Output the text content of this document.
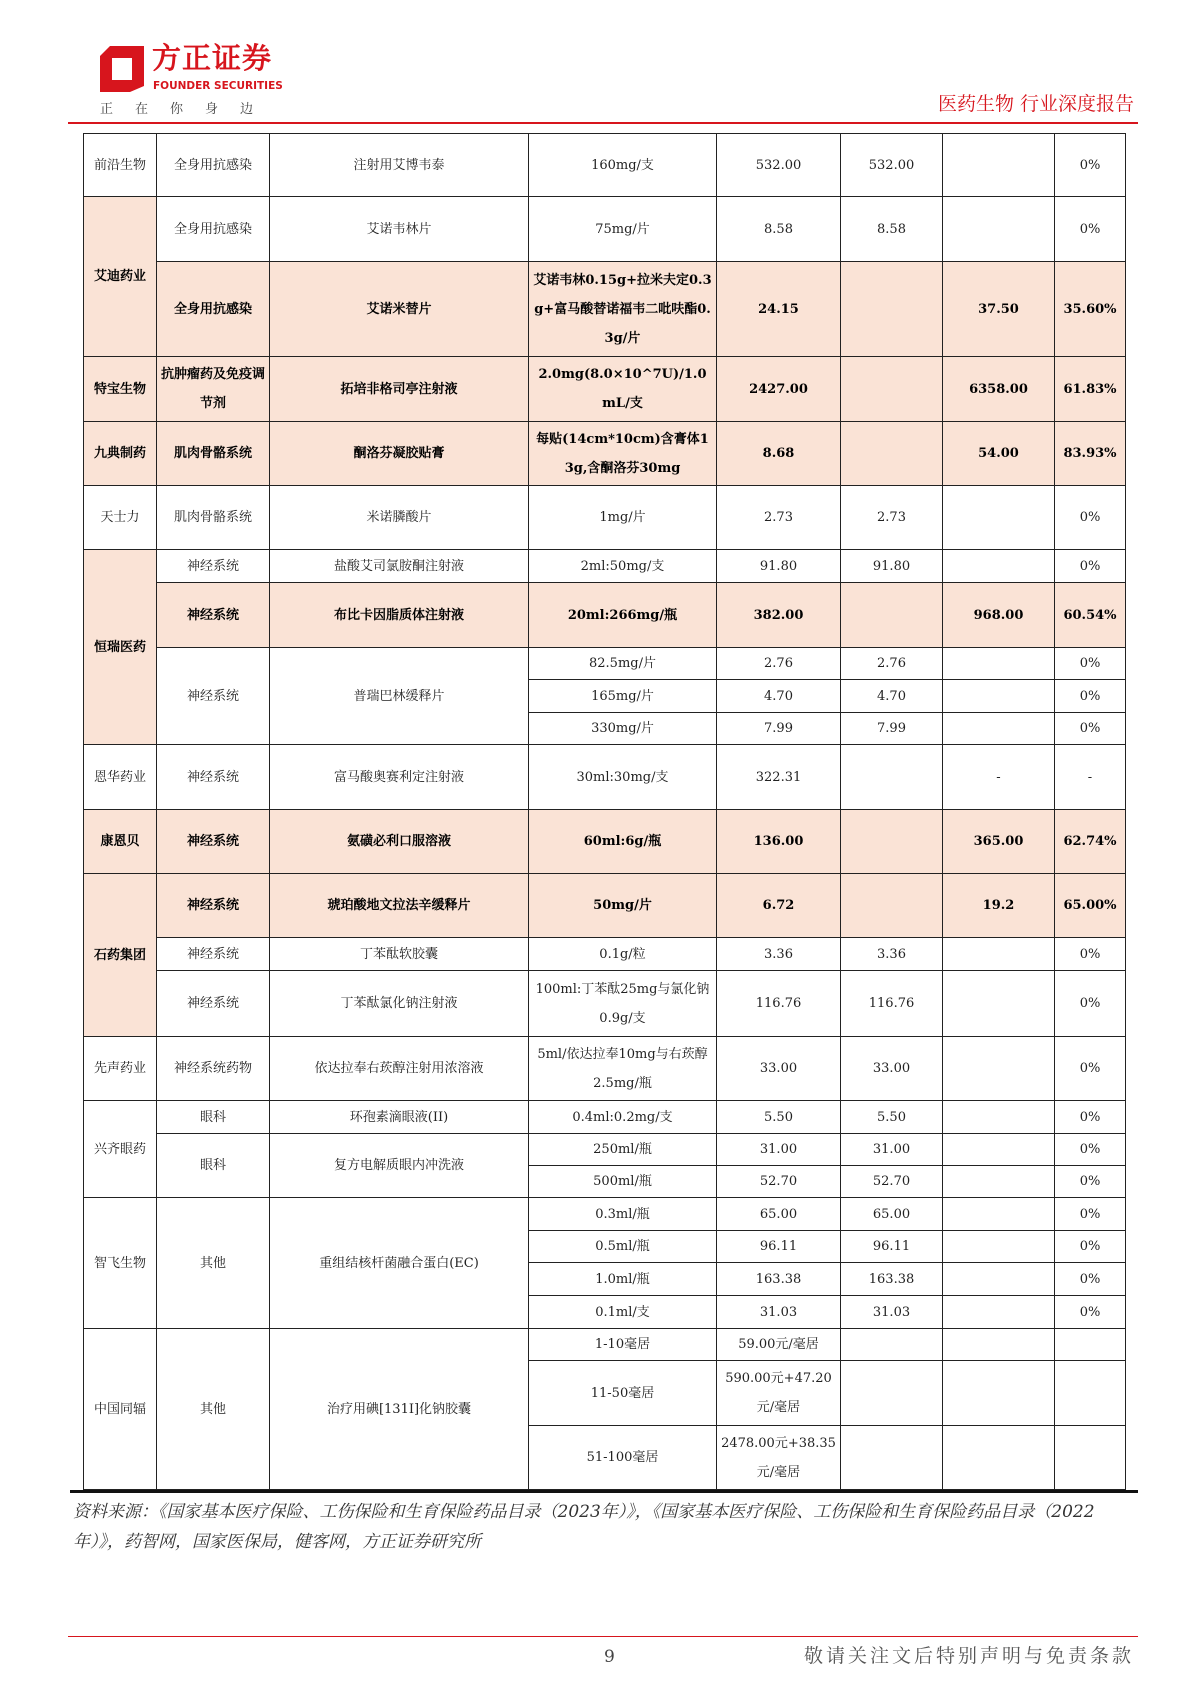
方正证券
FOUNDER SECURITIES
正在你身边	医药生物 行业深度报告
前沿生物	全身用抗感染	注射用艾博韦泰	160mg/支	532.00	532.00		0%
艾迪药业	全身用抗感染	艾诺韦林片	75mg/片	8.58	8.58		0%
	全身用抗感染	艾诺米替片	艾诺韦林0.15g+拉米夫定0.3g+富马酸替诺福韦二吡呋酯0.3g/片	24.15		37.50	35.60%
特宝生物	抗肿瘤药及免疫调节剂	拓培非格司亭注射液	2.0mg(8.0×10^7U)/1.0mL/支	2427.00		6358.00	61.83%
九典制药	肌肉骨骼系统	酮洛芬凝胶贴膏	每贴(14cm*10cm)含膏体13g,含酮洛芬30mg	8.68		54.00	83.93%
天士力	肌肉骨骼系统	米诺膦酸片	1mg/片	2.73	2.73		0%
恒瑞医药	神经系统	盐酸艾司氯胺酮注射液	2ml:50mg/支	91.80	91.80		0%
	神经系统	布比卡因脂质体注射液	20ml:266mg/瓶	382.00		968.00	60.54%
	神经系统	普瑞巴林缓释片	82.5mg/片	2.76	2.76		0%
			165mg/片	4.70	4.70		0%
			330mg/片	7.99	7.99		0%
恩华药业	神经系统	富马酸奥赛利定注射液	30ml:30mg/支	322.31		-	-
康恩贝	神经系统	氨磺必利口服溶液	60ml:6g/瓶	136.00		365.00	62.74%
石药集团	神经系统	琥珀酸地文拉法辛缓释片	50mg/片	6.72		19.2	65.00%
	神经系统	丁苯酞软胶囊	0.1g/粒	3.36	3.36		0%
	神经系统	丁苯酞氯化钠注射液	100ml:丁苯酞25mg与氯化钠0.9g/支	116.76	116.76		0%
先声药业	神经系统药物	依达拉奉右莰醇注射用浓溶液	5ml/依达拉奉10mg与右莰醇2.5mg/瓶	33.00	33.00		0%
兴齐眼药	眼科	环孢素滴眼液(II)	0.4ml:0.2mg/支	5.50	5.50		0%
	眼科	复方电解质眼内冲洗液	250ml/瓶	31.00	31.00		0%
			500ml/瓶	52.70	52.70		0%
智飞生物	其他	重组结核杆菌融合蛋白(EC)	0.3ml/瓶	65.00	65.00		0%
			0.5ml/瓶	96.11	96.11		0%
			1.0ml/瓶	163.38	163.38		0%
			0.1ml/支	31.03	31.03		0%
中国同辐	其他	治疗用碘[131I]化钠胶囊	1-10毫居	59.00元/毫居			
			11-50毫居	590.00元+47.20元/毫居			
			51-100毫居	2478.00元+38.35元/毫居			
资料来源：《国家基本医疗保险、工伤保险和生育保险药品目录（2023年）》，《国家基本医疗保险、工伤保险和生育保险药品目录（2022年）》，药智网，国家医保局，健客网，方正证券研究所
9	敬请关注文后特别声明与免责条款
